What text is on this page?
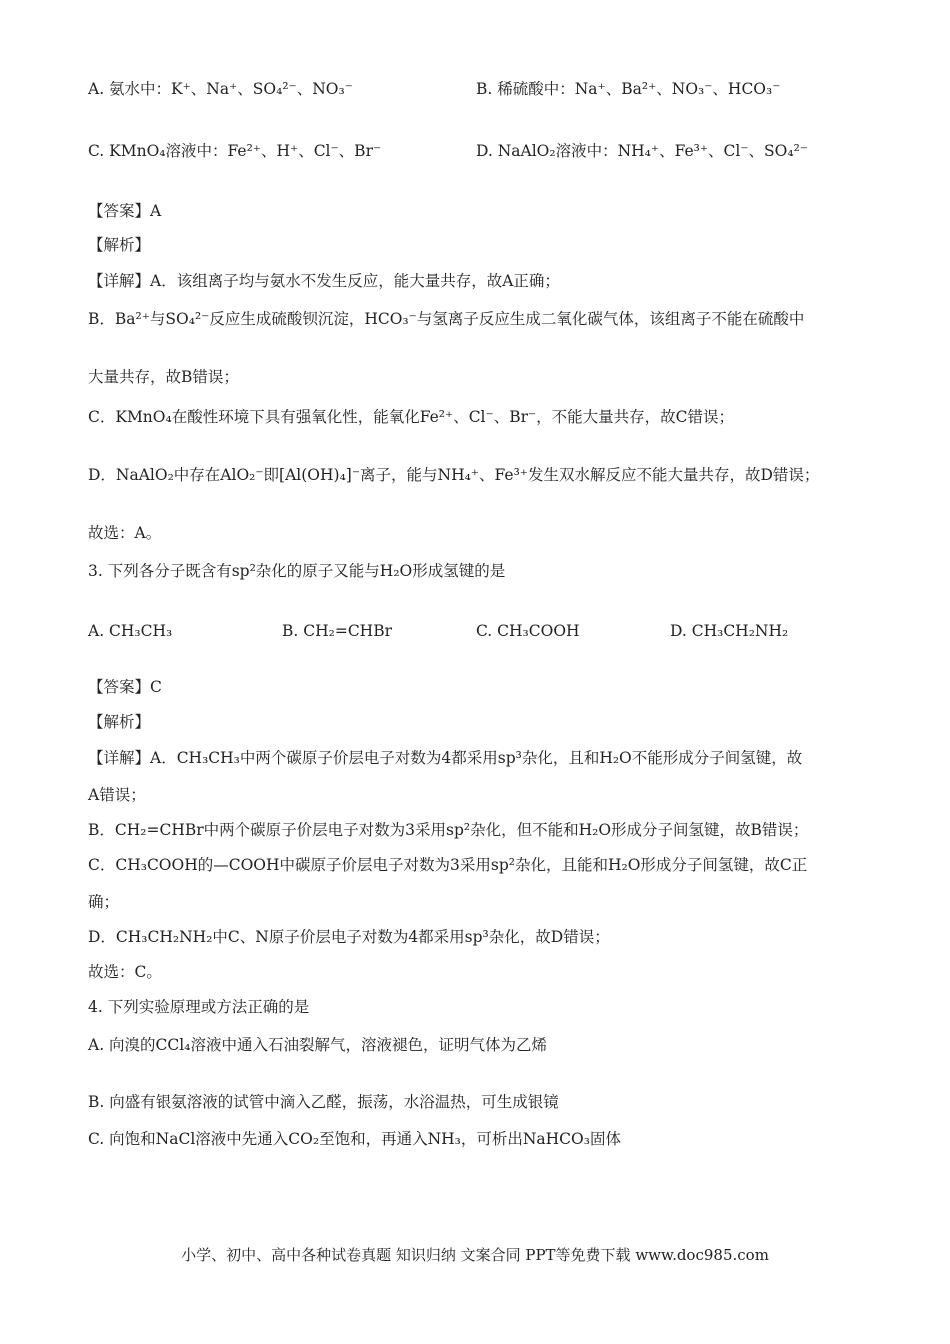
A. 氨水中：K⁺、Na⁺、SO₄²⁻、NO₃⁻	B. 稀硫酸中：Na⁺、Ba²⁺、NO₃⁻、HCO₃⁻
C. KMnO₄溶液中：Fe²⁺、H⁺、Cl⁻、Br⁻	D. NaAlO₂溶液中：NH₄⁺、Fe³⁺、Cl⁻、SO₄²⁻
【答案】A
【解析】
【详解】A．该组离子均与氨水不发生反应，能大量共存，故A正确；
B．Ba²⁺与SO₄²⁻反应生成硫酸钡沉淀，HCO₃⁻与氢离子反应生成二氧化碳气体，该组离子不能在硫酸中
大量共存，故B错误；
C．KMnO₄在酸性环境下具有强氧化性，能氧化Fe²⁺、Cl⁻、Br⁻，不能大量共存，故C错误；
D．NaAlO₂中存在AlO₂⁻即[Al(OH)₄]⁻离子，能与NH₄⁺、Fe³⁺发生双水解反应不能大量共存，故D错误；
故选：A。
3. 下列各分子既含有sp²杂化的原子又能与H₂O形成氢键的是
A. CH₃CH₃	B. CH₂=CHBr	C. CH₃COOH	D. CH₃CH₂NH₂
【答案】C
【解析】
【详解】A．CH₃CH₃中两个碳原子价层电子对数为4都采用sp³杂化，且和H₂O不能形成分子间氢键，故
A错误；
B．CH₂=CHBr中两个碳原子价层电子对数为3采用sp²杂化，但不能和H₂O形成分子间氢键，故B错误；
C．CH₃COOH的—COOH中碳原子价层电子对数为3采用sp²杂化，且能和H₂O形成分子间氢键，故C正
确；
D．CH₃CH₂NH₂中C、N原子价层电子对数为4都采用sp³杂化，故D错误；
故选：C。
4. 下列实验原理或方法正确的是
A. 向溴的CCl₄溶液中通入石油裂解气，溶液褪色，证明气体为乙烯
B. 向盛有银氨溶液的试管中滴入乙醛，振荡，水浴温热，可生成银镜
C. 向饱和NaCl溶液中先通入CO₂至饱和，再通入NH₃，可析出NaHCO₃固体
小学、初中、高中各种试卷真题 知识归纳 文案合同 PPT等免费下载 www.doc985.com
